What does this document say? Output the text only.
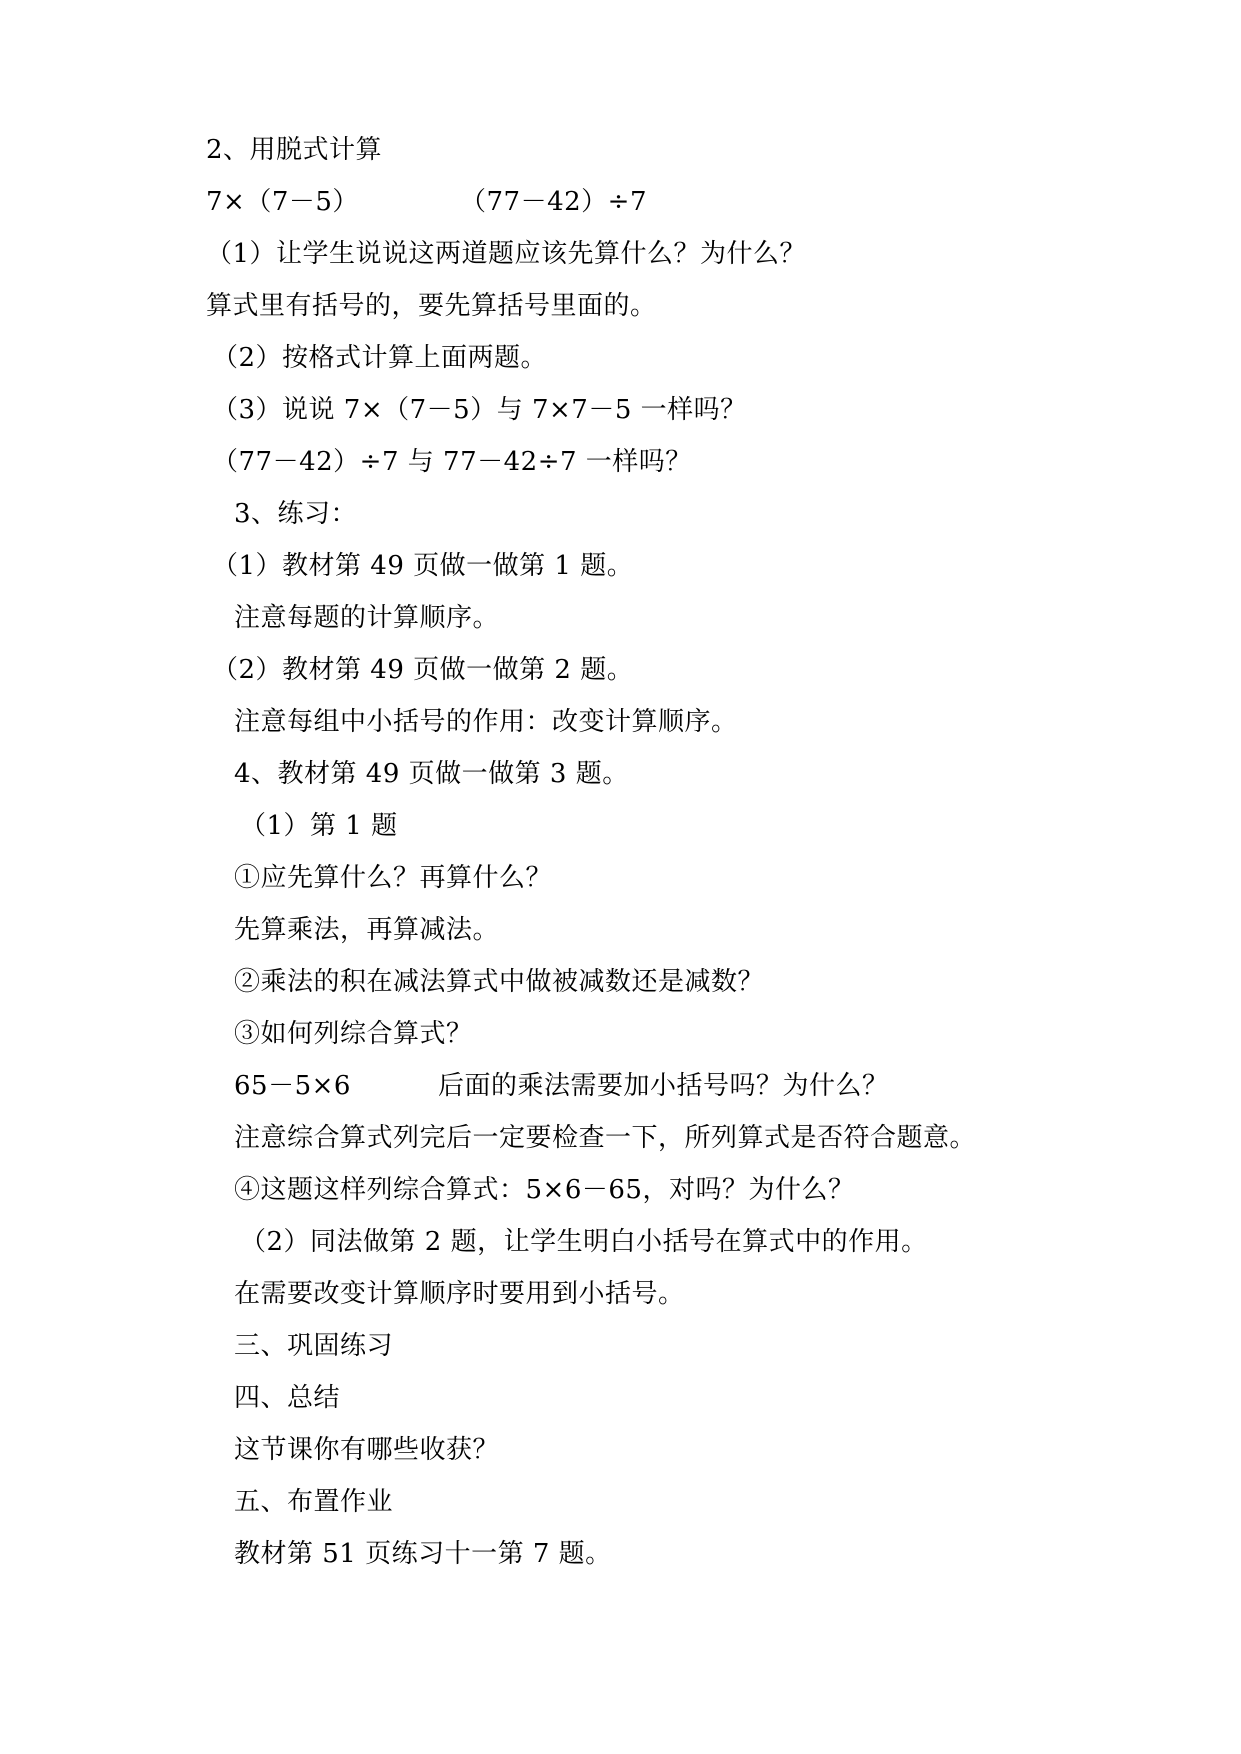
2、用脱式计算
7×（7－5）	（77－42）÷7
（1）让学生说说这两道题应该先算什么？为什么？
算式里有括号的，要先算括号里面的。
（2）按格式计算上面两题。
（3）说说 7×（7－5）与 7×7－5 一样吗？
（77－42）÷7 与 77－42÷7 一样吗？
3、练习：
（1）教材第 49 页做一做第 1 题。
注意每题的计算顺序。
（2）教材第 49 页做一做第 2 题。
注意每组中小括号的作用：改变计算顺序。
4、教材第 49 页做一做第 3 题。
（1）第 1 题
①应先算什么？再算什么？
先算乘法，再算减法。
②乘法的积在减法算式中做被减数还是减数？
③如何列综合算式？
65－5×6	后面的乘法需要加小括号吗？为什么？
注意综合算式列完后一定要检查一下，所列算式是否符合题意。
④这题这样列综合算式：5×6－65，对吗？为什么？
（2）同法做第 2 题，让学生明白小括号在算式中的作用。
在需要改变计算顺序时要用到小括号。
三、巩固练习
四、总结
这节课你有哪些收获？
五、布置作业
教材第 51 页练习十一第 7 题。
